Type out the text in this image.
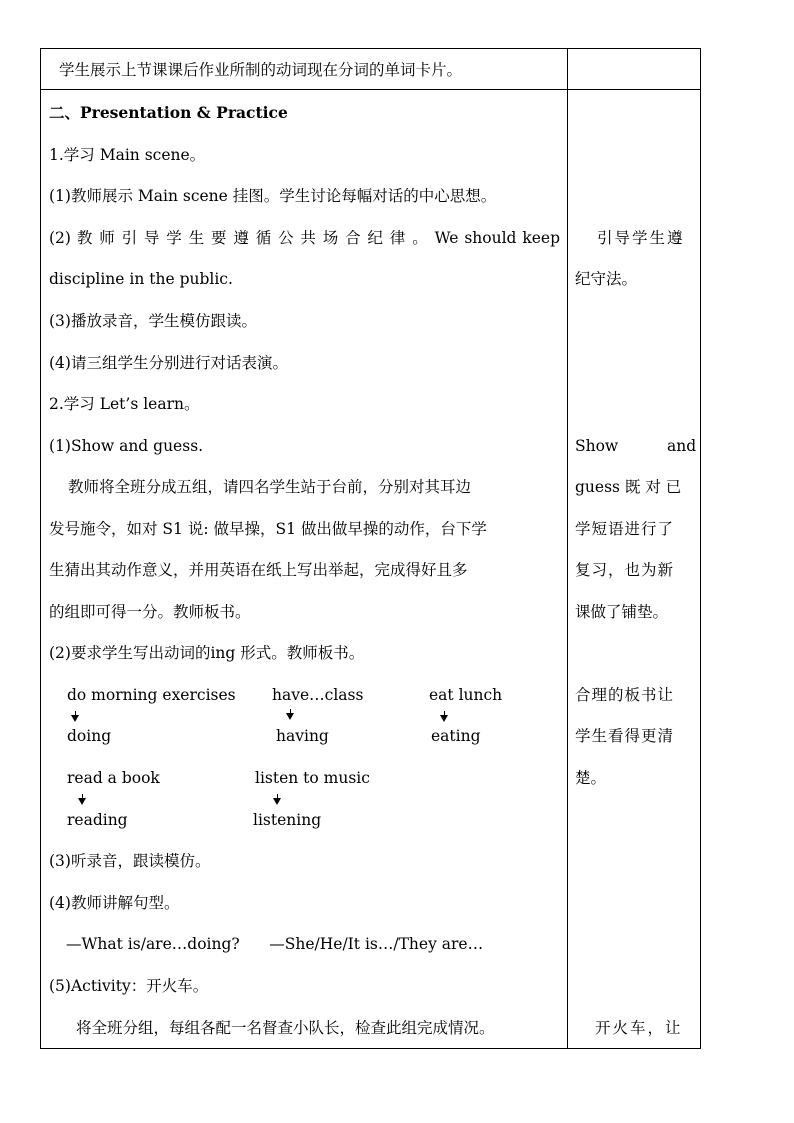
学生展示上节课课后作业所制的动词现在分词的单词卡片。
二、Presentation & Practice
1.学习 Main scene。
(1)教师展示 Main scene 挂图。学生讨论每幅对话的中心思想。
(2) 教 师 引 导 学 生 要 遵 循 公 共 场 合 纪 律 。 We should keep
discipline in the public.
(3)播放录音，学生模仿跟读。
(4)请三组学生分别进行对话表演。
2.学习 Let’s learn。
(1)Show and guess.
教师将全班分成五组，请四名学生站于台前，分别对其耳边
发号施令，如对 S1 说: 做早操，S1 做出做早操的动作，台下学
生猜出其动作意义，并用英语在纸上写出举起，完成得好且多
的组即可得一分。教师板书。
(2)要求学生写出动词的ing 形式。教师板书。
do morning exercises
doing
have…class
having
eat lunch
eating
read a book
reading
listen to music
listening
(3)听录音，跟读模仿。
(4)教师讲解句型。
—What is/are…doing?      —She/He/It is…/They are…
(5)Activity：开火车。
将全班分组，每组各配一名督查小队长，检查此组完成情况。
引导学生遵
纪守法。
Show	and
guess 既 对 已
学短语进行了
复习，也为新
课做了铺垫。
合理的板书让
学生看得更清
楚。
开火车，让
